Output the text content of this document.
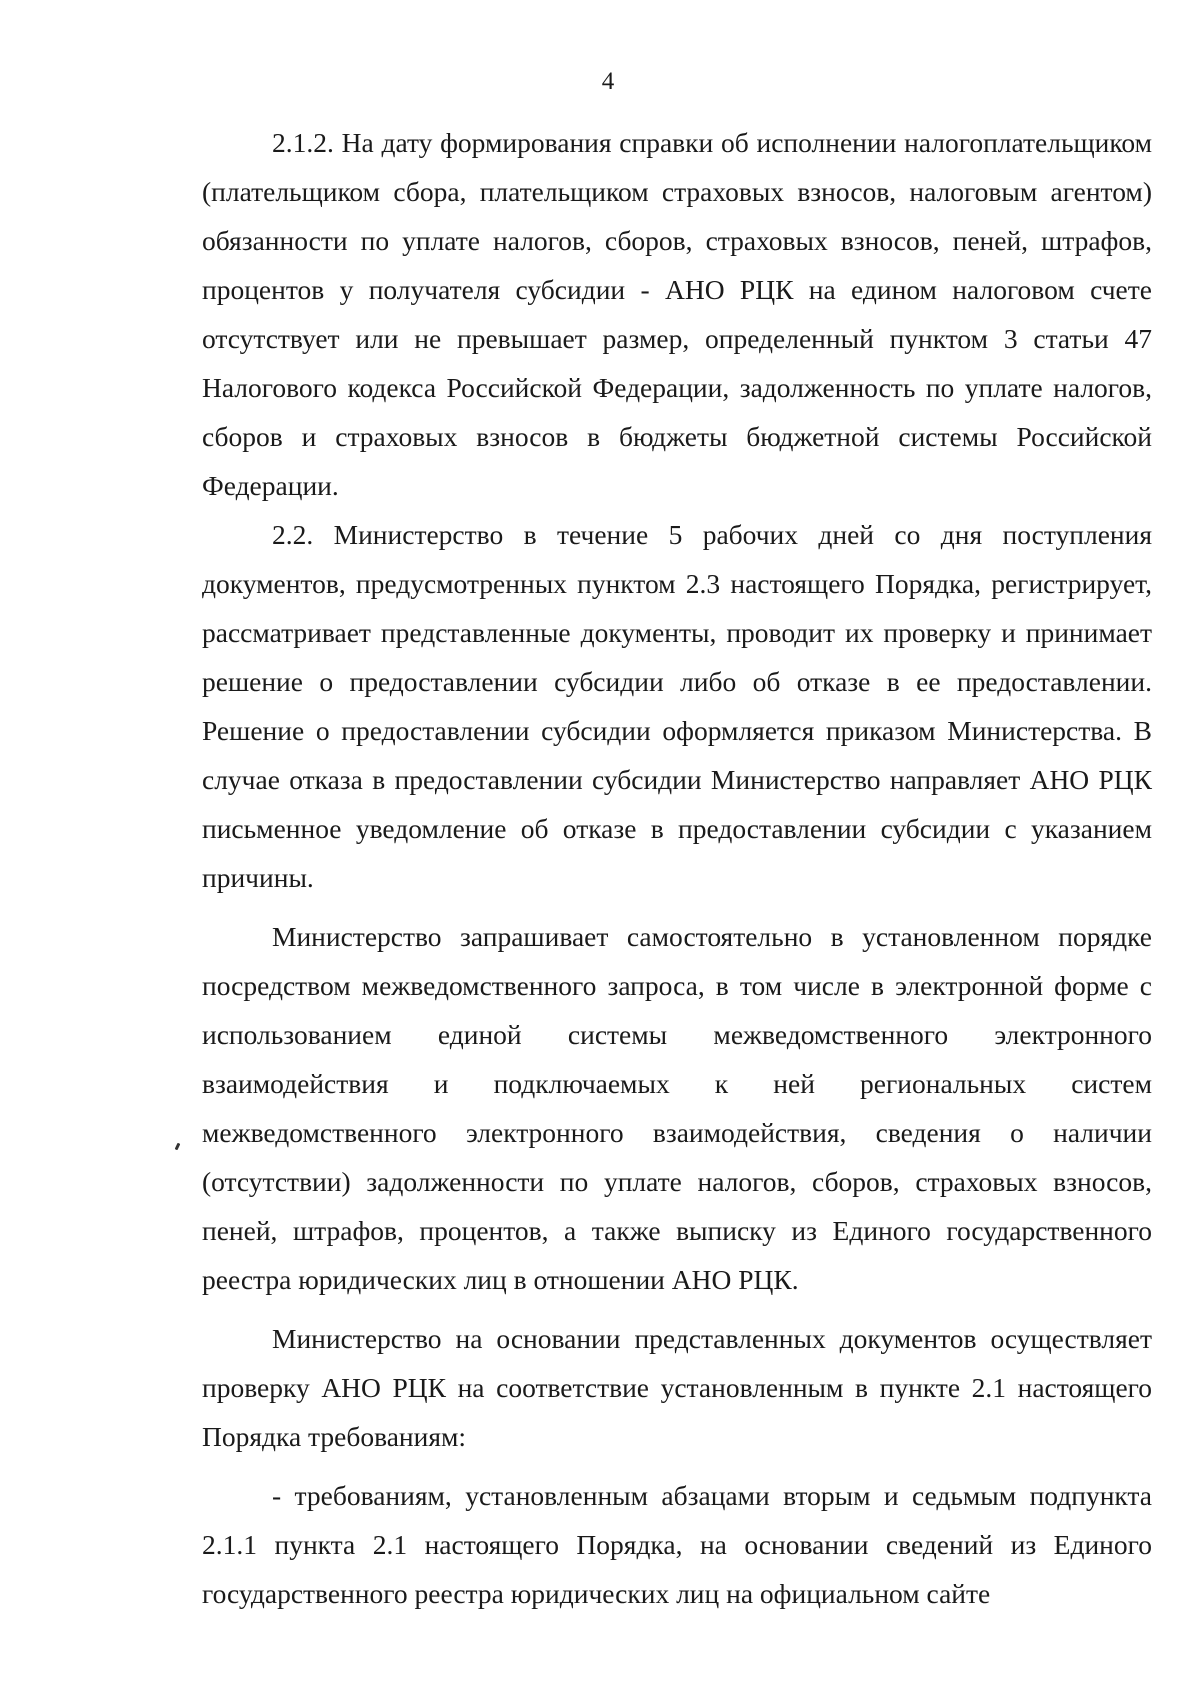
4

2.1.2. На дату формирования справки об исполнении налогоплательщиком (плательщиком сбора, плательщиком страховых взносов, налоговым агентом) обязанности по уплате налогов, сборов, страховых взносов, пеней, штрафов, процентов у получателя субсидии - АНО РЦК на едином налоговом счете отсутствует или не превышает размер, определенный пунктом 3 статьи 47 Налогового кодекса Российской Федерации, задолженность по уплате налогов, сборов и страховых взносов в бюджеты бюджетной системы Российской Федерации.

2.2. Министерство в течение 5 рабочих дней со дня поступления документов, предусмотренных пунктом 2.3 настоящего Порядка, регистрирует, рассматривает представленные документы, проводит их проверку и принимает решение о предоставлении субсидии либо об отказе в ее предоставлении. Решение о предоставлении субсидии оформляется приказом Министерства. В случае отказа в предоставлении субсидии Министерство направляет АНО РЦК письменное уведомление об отказе в предоставлении субсидии с указанием причины.

Министерство запрашивает самостоятельно в установленном порядке посредством межведомственного запроса, в том числе в электронной форме с использованием единой системы межведомственного электронного взаимодействия и подключаемых к ней региональных систем межведомственного электронного взаимодействия, сведения о наличии (отсутствии) задолженности по уплате налогов, сборов, страховых взносов, пеней, штрафов, процентов, а также выписку из Единого государственного реестра юридических лиц в отношении АНО РЦК.

Министерство на основании представленных документов осуществляет проверку АНО РЦК на соответствие установленным в пункте 2.1 настоящего Порядка требованиям:

- требованиям, установленным абзацами вторым и седьмым подпункта 2.1.1 пункта 2.1 настоящего Порядка, на основании сведений из Единого государственного реестра юридических лиц на официальном сайте
